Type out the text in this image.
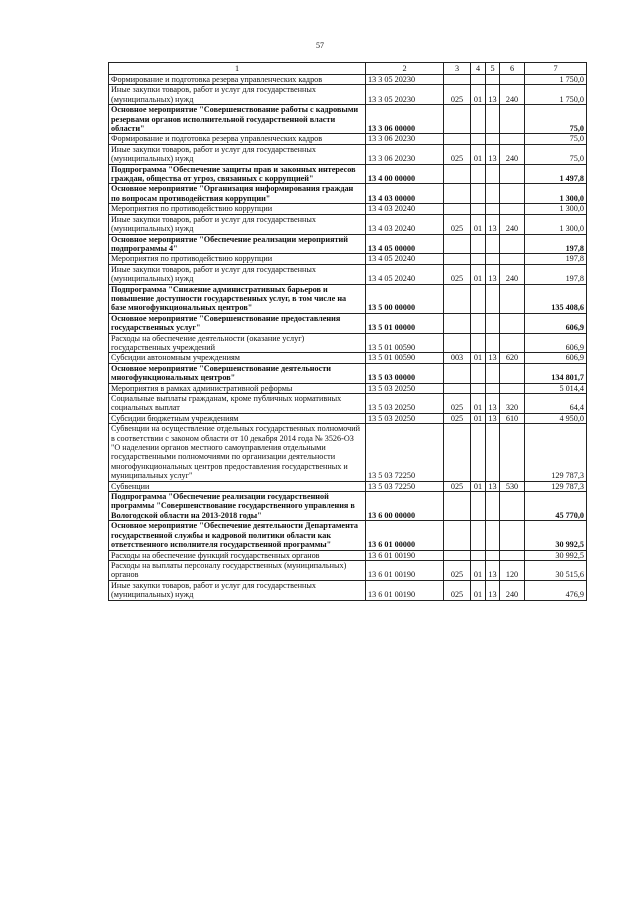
57
1	2	3	4	5	6	7
Формирование и подготовка резерва управленческих кадров	13 3 05 20230					1 750,0
Иные закупки товаров, работ и услуг для государственных (муниципальных) нужд	13 3 05 20230	025	01	13	240	1 750,0
Основное мероприятие "Совершенствование работы с кадровыми резервами органов исполнительной государственной власти области"	13 3 06 00000					75,0
Формирование и подготовка резерва управленческих кадров	13 3 06 20230					75,0
Иные закупки товаров, работ и услуг для государственных (муниципальных) нужд	13 3 06 20230	025	01	13	240	75,0
Подпрограмма "Обеспечение защиты прав и законных интересов граждан, общества от угроз, связанных с коррупцией"	13 4 00 00000					1 497,8
Основное мероприятие "Организация информирования граждан по вопросам противодействия коррупции"	13 4 03 00000					1 300,0
Мероприятия по противодействию коррупции	13 4 03 20240					1 300,0
Иные закупки товаров, работ и услуг для государственных (муниципальных) нужд	13 4 03 20240	025	01	13	240	1 300,0
Основное мероприятие "Обеспечение реализации мероприятий подпрограммы 4"	13 4 05 00000					197,8
Мероприятия по противодействию коррупции	13 4 05 20240					197,8
Иные закупки товаров, работ и услуг для государственных (муниципальных) нужд	13 4 05 20240	025	01	13	240	197,8
Подпрограмма "Снижение административных барьеров и повышение доступности государственных услуг, в том числе на базе многофункциональных центров"	13 5 00 00000					135 408,6
Основное мероприятие "Совершенствование предоставления государственных услуг"	13 5 01 00000					606,9
Расходы на обеспечение деятельности (оказание услуг) государственных учреждений	13 5 01 00590					606,9
Субсидии автономным учреждениям	13 5 01 00590	003	01	13	620	606,9
Основное мероприятие "Совершенствование деятельности многофункциональных центров"	13 5 03 00000					134 801,7
Мероприятия в рамках административной реформы	13 5 03 20250					5 014,4
Социальные выплаты гражданам, кроме публичных нормативных социальных выплат	13 5 03 20250	025	01	13	320	64,4
Субсидии бюджетным учреждениям	13 5 03 20250	025	01	13	610	4 950,0
Субвенции на осуществление отдельных государственных полномочий в соответствии с законом области от 10 декабря 2014 года № 3526-ОЗ "О наделении органов местного самоуправления отдельными государственными полномочиями по организации деятельности многофункциональных центров предоставления государственных и муниципальных услуг"	13 5 03 72250					129 787,3
Субвенции	13 5 03 72250	025	01	13	530	129 787,3
Подпрограмма "Обеспечение реализации государственной программы "Совершенствование государственного управления в Вологодской области на 2013-2018 годы"	13 6 00 00000					45 770,0
Основное мероприятие "Обеспечение деятельности Департамента государственной службы и кадровой политики области как ответственного исполнителя государственной программы"	13 6 01 00000					30 992,5
Расходы на обеспечение функций государственных органов	13 6 01 00190					30 992,5
Расходы на выплаты персоналу государственных (муниципальных) органов	13 6 01 00190	025	01	13	120	30 515,6
Иные закупки товаров, работ и услуг для государственных (муниципальных) нужд	13 6 01 00190	025	01	13	240	476,9
